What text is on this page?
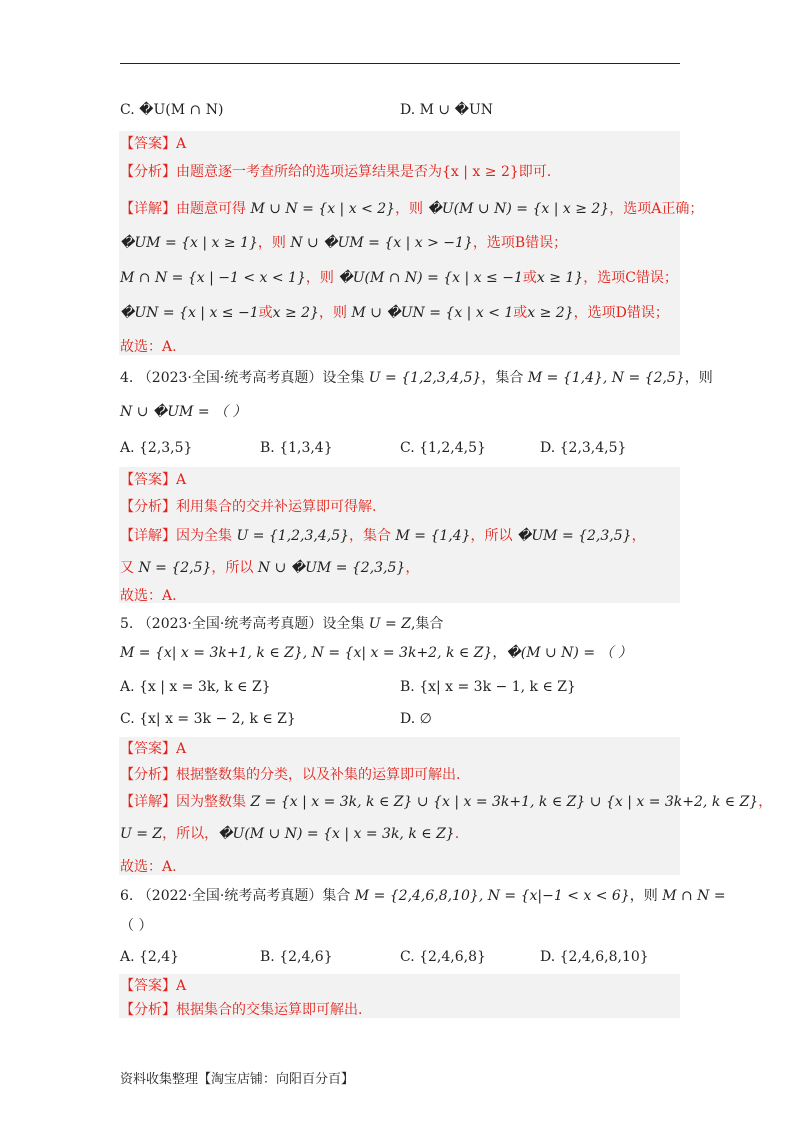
C. �U(M ∩ N)	D. M ∪ �UN
【答案】A
【分析】由题意逐一考查所给的选项运算结果是否为{x | x ≥ 2}即可.
【详解】由题意可得 M ∪ N = {x | x < 2}，则 �U(M ∪ N) = {x | x ≥ 2}，选项A正确；
�UM = {x | x ≥ 1}，则 N ∪ �UM = {x | x > −1}，选项B错误；
M ∩ N = {x | −1 < x < 1}，则 �U(M ∩ N) = {x | x ≤ −1或x ≥ 1}，选项C错误；
�UN = {x | x ≤ −1或x ≥ 2}，则 M ∪ �UN = {x | x < 1或x ≥ 2}，选项D错误；
故选：A.
4. （2023·全国·统考高考真题）设全集 U = {1,2,3,4,5}，集合 M = {1,4}, N = {2,5}，则
N ∪ �UM = （ ）
A. {2,3,5}	B. {1,3,4}	C. {1,2,4,5}	D. {2,3,4,5}
【答案】A
【分析】利用集合的交并补运算即可得解.
【详解】因为全集 U = {1,2,3,4,5}，集合 M = {1,4}，所以 �UM = {2,3,5}，
又 N = {2,5}，所以 N ∪ �UM = {2,3,5}，
故选：A.
5. （2023·全国·统考高考真题）设全集 U = Z,集合
M = {x| x = 3k+1, k ∈ Z}, N = {x| x = 3k+2, k ∈ Z}，�(M ∪ N) = （ ）
A. {x | x = 3k, k ∈ Z}	B. {x| x = 3k − 1, k ∈ Z}
C. {x| x = 3k − 2, k ∈ Z}	D. ∅
【答案】A
【分析】根据整数集的分类，以及补集的运算即可解出.
【详解】因为整数集 Z = {x | x = 3k, k ∈ Z} ∪ {x | x = 3k+1, k ∈ Z} ∪ {x | x = 3k+2, k ∈ Z}，
U = Z，所以，�U(M ∪ N) = {x | x = 3k, k ∈ Z}.
故选：A.
6. （2022·全国·统考高考真题）集合 M = {2,4,6,8,10}, N = {x|−1 < x < 6}，则 M ∩ N =
（ ）
A. {2,4}	B. {2,4,6}	C. {2,4,6,8}	D. {2,4,6,8,10}
【答案】A
【分析】根据集合的交集运算即可解出.
资料收集整理【淘宝店铺：向阳百分百】
